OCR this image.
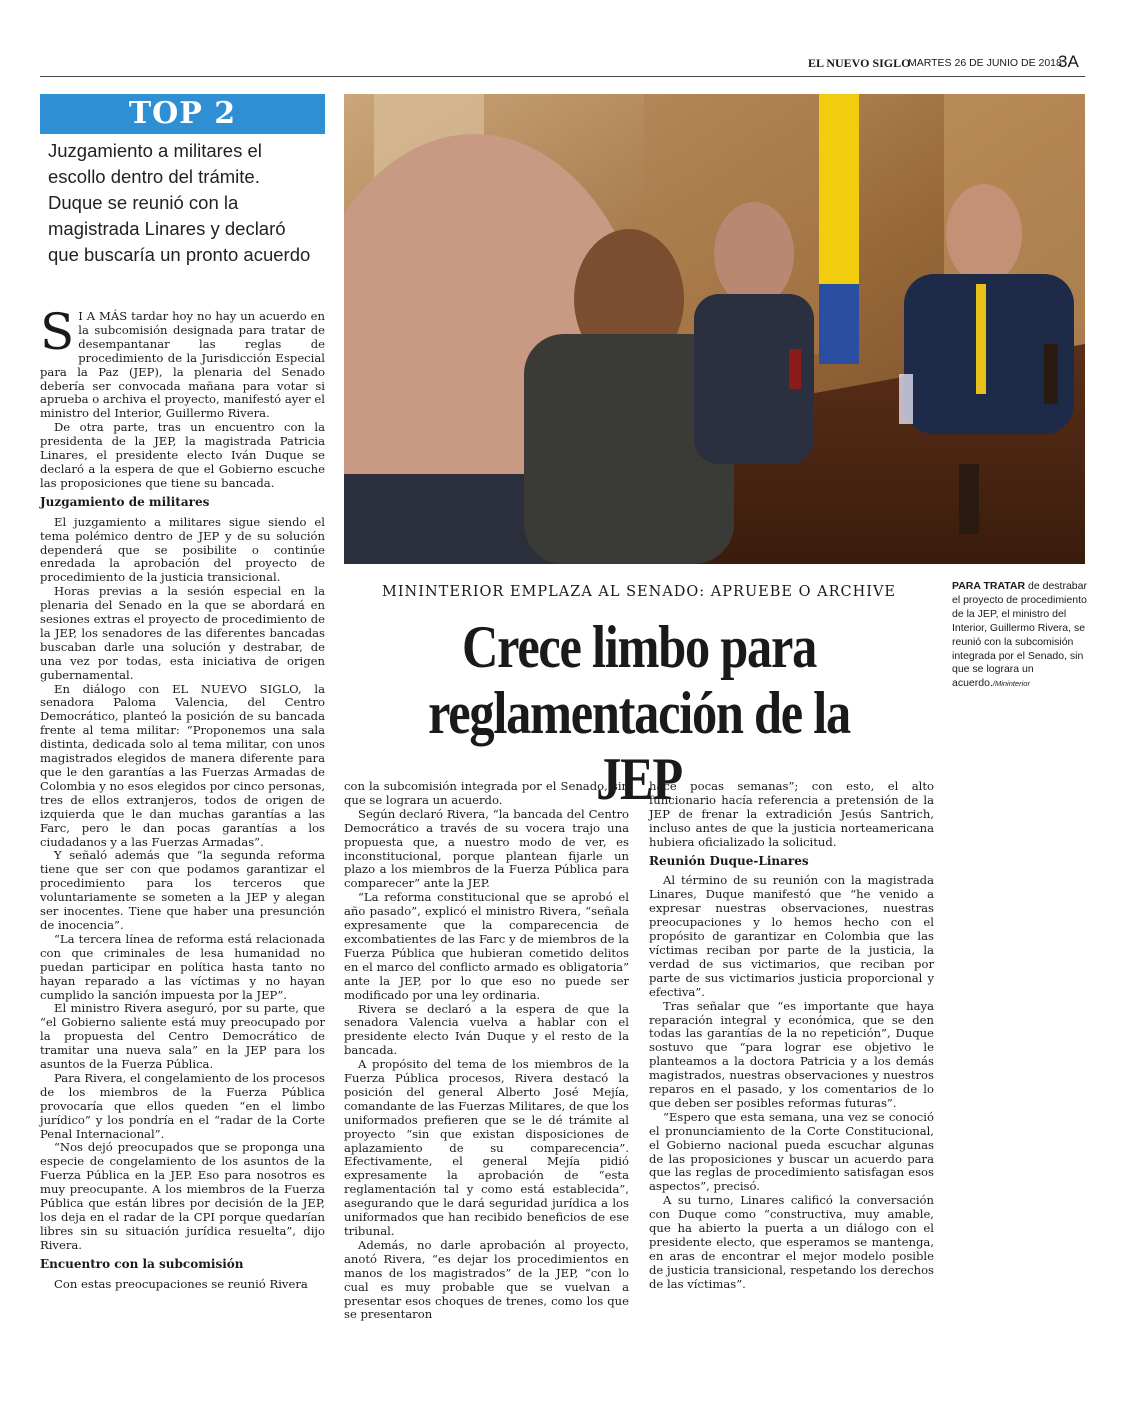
EL NUEVO SIGLO
MARTES 26 DE JUNIO DE 2018
3A
TOP 2
Juzgamiento a militares el escollo dentro del trámite. Duque se reunió con la magistrada Linares y declaró que buscaría un pronto acuerdo
PARA TRATAR de destrabar el proyecto de procedimiento de la JEP, el ministro del Interior, Guillermo Rivera, se reunió con la subcomisión integrada por el Senado, sin que se lograra un acuerdo./Mininterior
MININTERIOR EMPLAZA AL SENADO: APRUEBE O ARCHIVE
Crece limbo para
reglamentación de la JEP

S I A MÁS tardar hoy no hay un acuerdo en la subcomisión designada para tratar de desempantanar las reglas de procedimiento de la Jurisdicción Especial para la Paz (JEP), la plenaria del Senado debería ser convocada mañana para votar si aprueba o archiva el proyecto, manifestó ayer el ministro del Interior, Guillermo Rivera.

De otra parte, tras un encuentro con la presidenta de la JEP, la magistrada Patricia Linares, el presidente electo Iván Duque se declaró a la espera de que el Gobierno escuche las proposiciones que tiene su bancada.

Juzgamiento de militares

El juzgamiento a militares sigue siendo el tema polémico dentro de JEP y de su solución dependerá que se posibilite o continúe enredada la aprobación del proyecto de procedimiento de la justicia transicional.

Horas previas a la sesión especial en la plenaria del Senado en la que se abordará en sesiones extras el proyecto de procedimiento de la JEP, los senadores de las diferentes bancadas buscaban darle una solución y destrabar, de una vez por todas, esta iniciativa de origen gubernamental.

En diálogo con EL NUEVO SIGLO, la senadora Paloma Valencia, del Centro Democrático, planteó la posición de su bancada frente al tema militar: “Proponemos una sala distinta, dedicada solo al tema militar, con unos magistrados elegidos de manera diferente para que le den garantías a las Fuerzas Armadas de Colombia y no esos elegidos por cinco personas, tres de ellos extranjeros, todos de origen de izquierda que le dan muchas garantías a las Farc, pero le dan pocas garantías a los ciudadanos y a las Fuerzas Armadas”.

Y señaló además que “la segunda reforma tiene que ser con que podamos garantizar el procedimiento para los terceros que voluntariamente se someten a la JEP y alegan ser inocentes. Tiene que haber una presunción de inocencia”.

“La tercera línea de reforma está relacionada con que criminales de lesa humanidad no puedan participar en política hasta tanto no hayan reparado a las víctimas y no hayan cumplido la sanción impuesta por la JEP”.

El ministro Rivera aseguró, por su parte, que “el Gobierno saliente está muy preocupado por la propuesta del Centro Democrático de tramitar una nueva sala” en la JEP para los asuntos de la Fuerza Pública.

Para Rivera, el congelamiento de los procesos de los miembros de la Fuerza Pública provocaría que ellos queden “en el limbo jurídico” y los pondría en el “radar de la Corte Penal Internacional”.

“Nos dejó preocupados que se proponga una especie de congelamiento de los asuntos de la Fuerza Pública en la JEP. Eso para nosotros es muy preocupante. A los miembros de la Fuerza Pública que están libres por decisión de la JEP, los deja en el radar de la CPI porque quedarían libres sin su situación jurídica resuelta”, dijo Rivera.

Encuentro con la subcomisión

Con estas preocupaciones se reunió Rivera

con la subcomisión integrada por el Senado, sin que se lograra un acuerdo.

Según declaró Rivera, “la bancada del Centro Democrático a través de su vocera trajo una propuesta que, a nuestro modo de ver, es inconstitucional, porque plantean fijarle un plazo a los miembros de la Fuerza Pública para comparecer” ante la JEP.

“La reforma constitucional que se aprobó el año pasado”, explicó el ministro Rivera, “señala expresamente que la comparecencia de excombatientes de las Farc y de miembros de la Fuerza Pública que hubieran cometido delitos en el marco del conflicto armado es obligatoria” ante la JEP, por lo que eso no puede ser modificado por una ley ordinaria.

Rivera se declaró a la espera de que la senadora Valencia vuelva a hablar con el presidente electo Iván Duque y el resto de la bancada.

A propósito del tema de los miembros de la Fuerza Pública procesos, Rivera destacó la posición del general Alberto José Mejía, comandante de las Fuerzas Militares, de que los uniformados prefieren que se le dé trámite al proyecto “sin que existan disposiciones de aplazamiento de su comparecencia”. Efectivamente, el general Mejía pidió expresamente la aprobación de “esta reglamentación tal y como está establecida”, asegurando que le dará seguridad jurídica a los uniformados que han recibido beneficios de ese tribunal.

Además, no darle aprobación al proyecto, anotó Rivera, “es dejar los procedimientos en manos de los magistrados” de la JEP, “con lo cual es muy probable que se vuelvan a presentar esos choques de trenes, como los que se presentaron

hace pocas semanas”; con esto, el alto funcionario hacía referencia a pretensión de la JEP de frenar la extradición Jesús Santrich, incluso antes de que la justicia norteamericana hubiera oficializado la solicitud.

Reunión Duque-Linares

Al término de su reunión con la magistrada Linares, Duque manifestó que “he venido a expresar nuestras observaciones, nuestras preocupaciones y lo hemos hecho con el propósito de garantizar en Colombia que las víctimas reciban por parte de la justicia, la verdad de sus victimarios, que reciban por parte de sus victimarios justicia proporcional y efectiva”.

Tras señalar que “es importante que haya reparación integral y económica, que se den todas las garantías de la no repetición”, Duque sostuvo que “para lograr ese objetivo le planteamos a la doctora Patricia y a los demás magistrados, nuestras observaciones y nuestros reparos en el pasado, y los comentarios de lo que deben ser posibles reformas futuras”.

“Espero que esta semana, una vez se conoció el pronunciamiento de la Corte Constitucional, el Gobierno nacional pueda escuchar algunas de las proposiciones y buscar un acuerdo para que las reglas de procedimiento satisfagan esos aspectos”, precisó.

A su turno, Linares calificó la conversación con Duque como “constructiva, muy amable, que ha abierto la puerta a un diálogo con el presidente electo, que esperamos se mantenga, en aras de encontrar el mejor modelo posible de justicia transicional, respetando los derechos de las víctimas”.
